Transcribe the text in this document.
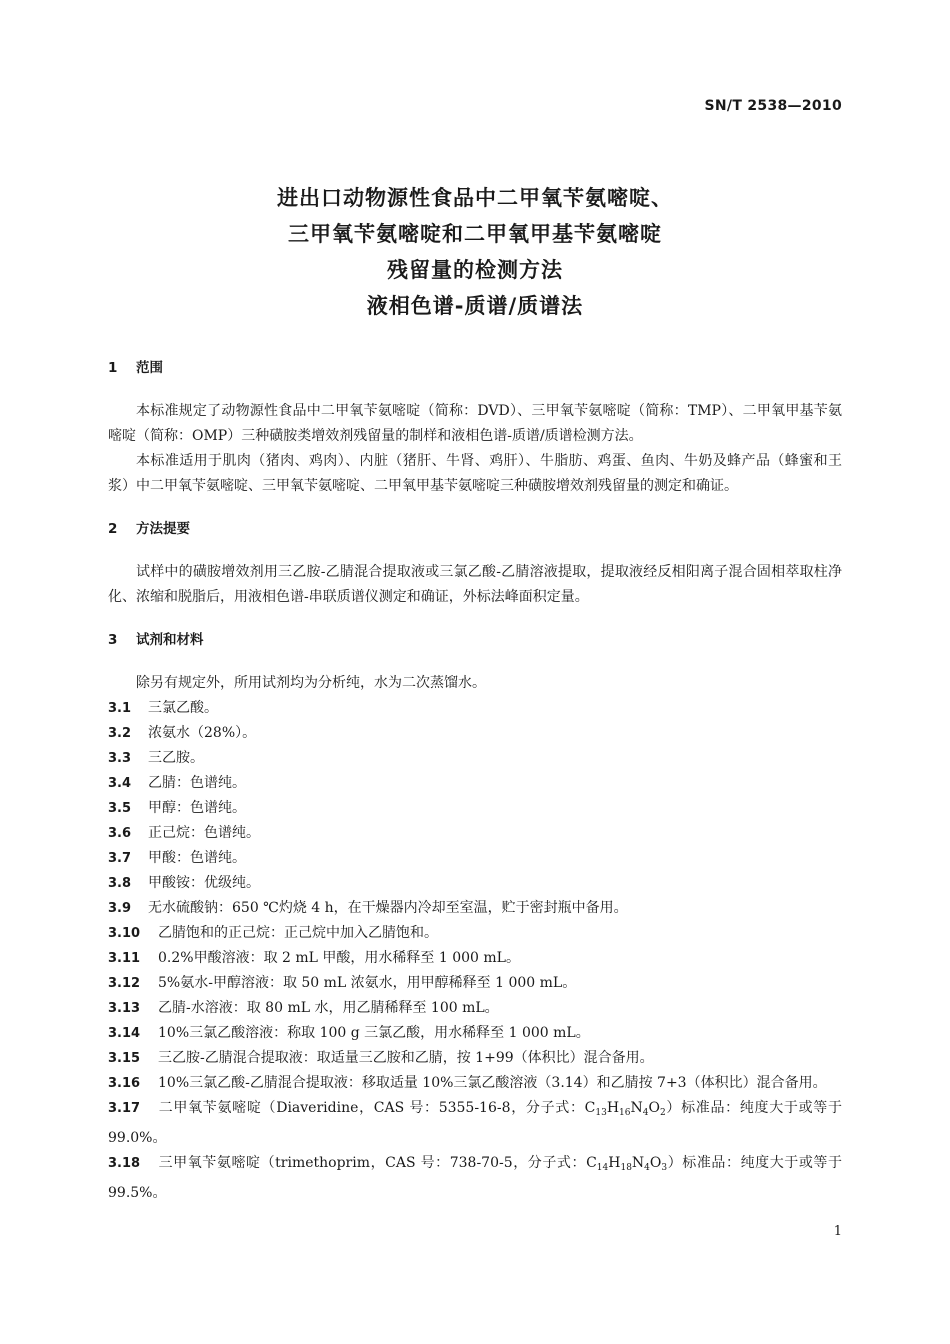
SN/T 2538—2010
进出口动物源性食品中二甲氧苄氨嘧啶、
三甲氧苄氨嘧啶和二甲氧甲基苄氨嘧啶
残留量的检测方法
液相色谱-质谱/质谱法
1 范围

本标准规定了动物源性食品中二甲氧苄氨嘧啶（简称：DVD）、三甲氧苄氨嘧啶（简称：TMP）、二甲氧甲基苄氨嘧啶（简称：OMP）三种磺胺类增效剂残留量的制样和液相色谱-质谱/质谱检测方法。

本标准适用于肌肉（猪肉、鸡肉）、内脏（猪肝、牛肾、鸡肝）、牛脂肪、鸡蛋、鱼肉、牛奶及蜂产品（蜂蜜和王浆）中二甲氧苄氨嘧啶、三甲氧苄氨嘧啶、二甲氧甲基苄氨嘧啶三种磺胺增效剂残留量的测定和确证。

2 方法提要

试样中的磺胺增效剂用三乙胺-乙腈混合提取液或三氯乙酸-乙腈溶液提取，提取液经反相阳离子混合固相萃取柱净化、浓缩和脱脂后，用液相色谱-串联质谱仪测定和确证，外标法峰面积定量。

3 试剂和材料

除另有规定外，所用试剂均为分析纯，水为二次蒸馏水。

3.1 三氯乙酸。

3.2 浓氨水（28%）。

3.3 三乙胺。

3.4 乙腈：色谱纯。

3.5 甲醇：色谱纯。

3.6 正己烷：色谱纯。

3.7 甲酸：色谱纯。

3.8 甲酸铵：优级纯。

3.9 无水硫酸钠：650 ℃灼烧 4 h，在干燥器内冷却至室温，贮于密封瓶中备用。

3.10 乙腈饱和的正己烷：正己烷中加入乙腈饱和。

3.11 0.2%甲酸溶液：取 2 mL 甲酸，用水稀释至 1 000 mL。

3.12 5%氨水-甲醇溶液：取 50 mL 浓氨水，用甲醇稀释至 1 000 mL。

3.13 乙腈-水溶液：取 80 mL 水，用乙腈稀释至 100 mL。

3.14 10%三氯乙酸溶液：称取 100 g 三氯乙酸，用水稀释至 1 000 mL。

3.15 三乙胺-乙腈混合提取液：取适量三乙胺和乙腈，按 1+99（体积比）混合备用。

3.16 10%三氯乙酸-乙腈混合提取液：移取适量 10%三氯乙酸溶液（3.14）和乙腈按 7+3（体积比）混合备用。

3.17 二甲氧苄氨嘧啶（Diaveridine，CAS 号：5355-16-8，分子式：$C_{13}H_{16}N_4O_2$）标准品：纯度大于或等于 99.0%。

3.18 三甲氧苄氨嘧啶（trimethoprim，CAS 号：738-70-5，分子式：$C_{14}H_{18}N_4O_3$）标准品：纯度大于或等于 99.5%。

1
